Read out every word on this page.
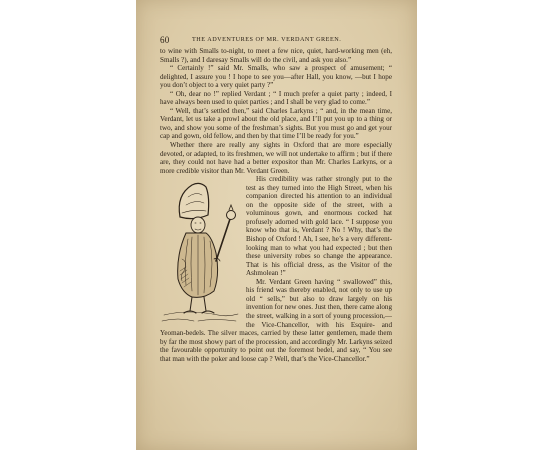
60	THE ADVENTURES OF MR. VERDANT GREEN.

to wine with Smalls to-night, to meet a few nice, quiet, hard-working men (eh, Smalls ?), and I daresay Smalls will do the civil, and ask you also.”

“ Certainly !” said Mr. Smalls, who saw a prospect of amusement; “ delighted, I assure you ! I hope to see you—after Hall, you know, —but I hope you don’t object to a very quiet party ?”

“ Oh, dear no !” replied Verdant ; “ I much prefer a quiet party ; indeed, I have always been used to quiet parties ; and I shall be very glad to come.”

“ Well, that’s settled then,” said Charles Larkyns ; “ and, in the mean time, Verdant, let us take a prowl about the old place, and I’ll put you up to a thing or two, and show you some of the freshman’s sights. But you must go and get your cap and gown, old fellow, and then by that time I’ll be ready for you.”

Whether there are really any sights in Oxford that are more especially devoted, or adapted, to its freshmen, we will not undertake to affirm ; but if there are, they could not have had a better expositor than Mr. Charles Larkyns, or a more credible visitor than Mr. Verdant Green.

His credibility was rather strongly put to the test as they turned into the High Street, when his companion directed his attention to an individual on the opposite side of the street, with a voluminous gown, and enormous cocked hat profusely adorned with gold lace. “ I suppose you know who that is, Verdant ? No ! Why, that’s the Bishop of Oxford ! Ah, I see, he’s a very different-looking man to what you had expected ; but then these university robes so change the appearance. That is his official dress, as the Visitor of the Ashmolean !”

Mr. Verdant Green having “ swallowed” this, his friend was thereby enabled, not only to use up old “ sells,” but also to draw largely on his invention for new ones. Just then, there came along the street, walking in a sort of young procession,—the Vice-Chancellor, with his Esquire- and Yeoman-bedels. The silver maces, carried by these latter gentlemen, made them by far the most showy part of the procession, and accordingly Mr. Larkyns seized the favourable opportunity to point out the foremost bedel, and say, “ You see that man with the poker and loose cap ? Well, that’s the Vice-Chancellor.”
